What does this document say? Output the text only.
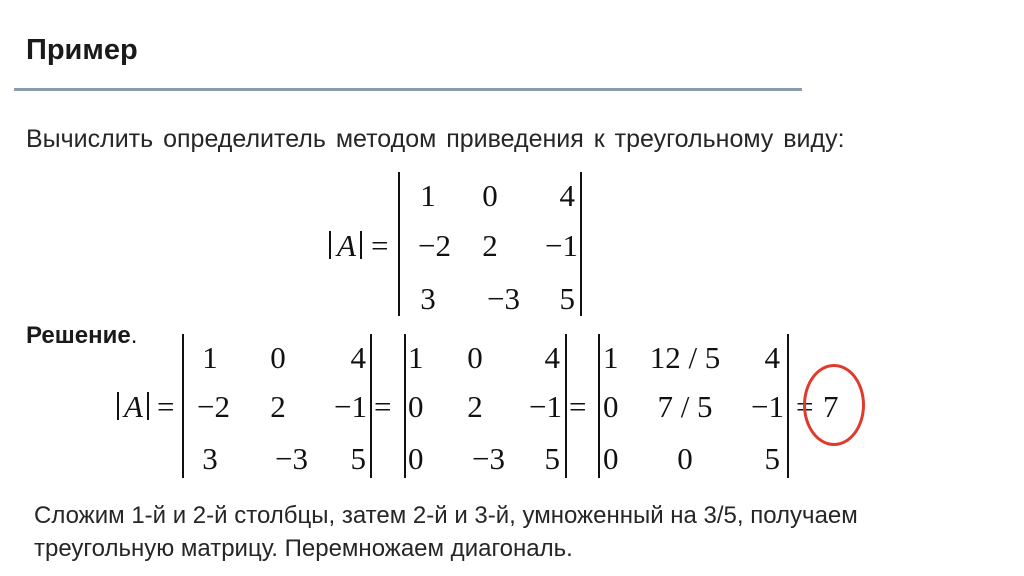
Пример
Вычислить определитель методом приведения к треугольному виду:
A =
1	0	4
−2	2	−1
3	−3	5
Решение.
A =
1	0	4
−2	2	−1
3	−3	5
=
1	0	4
0	2	−1
0	−3	5
=
1	12 / 5	4
0	7 / 5	−1
0	0	5
= 7
Сложим 1-й и 2-й столбцы, затем 2-й и 3-й, умноженный на 3/5, получаем треугольную матрицу. Перемножаем диагональ.
